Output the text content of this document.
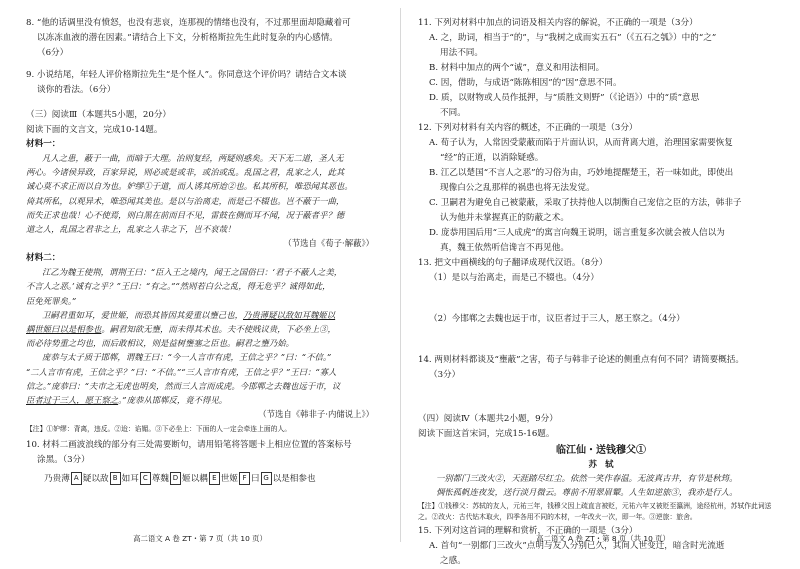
8. “他的话调里没有愤怒，也没有悲哀，连那视的情绪也没有，不过那里面却隐藏着可
以冻冻血液的潜在因素。”请结合上下文，分析格斯拉先生此时复杂的内心感情。
（6分）
9. 小说结尾，年轻人评价格斯拉先生“是个怪人”。你同意这个评价吗？请结合文本谈
谈你的看法。（6分）
（三）阅读Ⅲ（本题共5小题，20分）
阅读下面的文言文，完成10-14题。
材料一：
凡人之患，蔽于一曲，而暗于大理。治则复经，两疑则惑矣。天下无二道，圣人无
两心。今诸侯异政，百家异说，则必或是或非，或治或乱。乱国之君，乱家之人，此其
诚心莫不求正而以自为也。妒缪①于道，而人诱其所迨②也。私其所积，唯恐闻其恶也。
倚其所私，以观异术，唯恐闻其美也。是以与治离走，而是己不辍也。岂不蔽于一曲，
而失正求也哉！心不使焉，则白黑在前而目不见，雷鼓在侧而耳不闻，况于蔽者乎？德
道之人，乱国之君非之上，乱家之人非之下，岂不哀哉！
（节选自《荀子·解蔽》）
材料二：
江乙为魏王使荆，谓荆王曰：“臣入王之境内，闻王之国俗曰：‘君子不蔽人之美，
不言人之恶。’诚有之乎？”王曰：“有之。”“然则若白公之乱，得无危乎？诚得如此，
臣免死罪矣。”
卫嗣君重如耳，爱世姬，而恐其皆因其爱重以壅己也，乃贵薄疑以敌如耳魏姬以
耦世姬曰以是相参也。嗣君知欲无壅，而未得其术也。夫不使贱议贵，下必坐上③，
而必待势重之均也，而后敢相议，则是益树壅塞之臣也。嗣君之壅乃始。
庞恭与太子质于邯郸，谓魏王曰：“今一人言市有虎，王信之乎？”曰：“不信。”
“二人言市有虎，王信之乎？”曰：“不信。”“三人言市有虎，王信之乎？”王曰：“寡人
信之。”庞恭曰：“夫市之无虎也明矣，然而三人言而成虎。今邯郸之去魏也远于市，议
臣者过于三人，愿王察之。”庞恭从邯郸反，竟不得见。
（节选自《韩非子·内储说上》）
【注】①妒缪：背离，违反。②迨：谄媚。③下必坐上：下面的人一定会牵连上面的人。
10. 材料二画波浪线的部分有三处需要断句，请用铅笔将答题卡上相应位置的答案标号
涂黑。（3分）
乃贵薄 A 疑以敌 B 如耳 C 尊魏 D 姬以耦 E 世姬 F 曰 G 以是相参也
高二语文 A 卷 ZT・第 7 页（共 10 页）
11. 下列对材料中加点的词语及相关内容的解说，不正确的一项是（3分）
A. 之，助词，相当于“的”，与“我树之成而实五石”（《五石之瓠》）中的“之”
用法不同。
B. 材料中加点的两个“诚”，意义和用法相同。
C. 因，借助，与成语“陈陈相因”的“因”意思不同。
D. 质，以财物或人员作抵押，与“质胜文则野”（《论语》）中的“质”意思
不同。
12. 下列对材料有关内容的概述，不正确的一项是（3分）
A. 荀子认为，人常因受蒙蔽而陷于片面认识，从而背离大道，治理国家需要恢复
“经”的正道，以消除疑惑。
B. 江乙以楚国“不言人之恶”的习俗为由，巧妙地提醒楚王，若一味如此，即使出
现像白公之乱那样的祸患也将无法发觉。
C. 卫嗣君为避免自己被蒙蔽，采取了扶持他人以制衡自己宠信之臣的方法，韩非子
认为他并未掌握真正的防蔽之术。
D. 庞恭用国后用“三人成虎”的寓言向魏王说明，谣言重复多次就会被人信以为
真，魏王依然听信谗言不再见他。
13. 把文中画横线的句子翻译成现代汉语。（8分）
（1）是以与治离走，而是己不辍也。（4分）
（2）今邯郸之去魏也远于市，议臣者过于三人，愿王察之。（4分）
14. 两则材料都谈及“壅蔽”之害，荀子与韩非子论述的侧重点有何不同？请简要概括。
（3分）
（四）阅读Ⅳ（本题共2小题，9分）
阅读下面这首宋词，完成15-16题。
临江仙・送钱穆父①
苏　轼
一别都门三改火②，天涯踏尽红尘。依然一笑作春温。无波真古井，有节是秋筠。
惆怅孤帆连夜发，送行淡月微云。尊前不用翠眉颦。人生如逆旅③，我亦是行人。
【注】①钱穆父：苏轼的友人，元祐三年，钱穆父因上疏直言被贬，元祐六年又被贬至瀛洲，途经杭州，苏轼作此词送之。②改火：古代钻木取火，四季各用不同的木材，一年改火一次，即一年。③逆旅：旅舍。
15. 下列对这首词的理解和赏析，不正确的一项是（3分）
A. 首句“一别都门三改火”点明与友人分别已久，其间人世变迁，暗含时光流逝
之感。
高二语文 A 卷 ZT・第 8 页（共 10 页）
